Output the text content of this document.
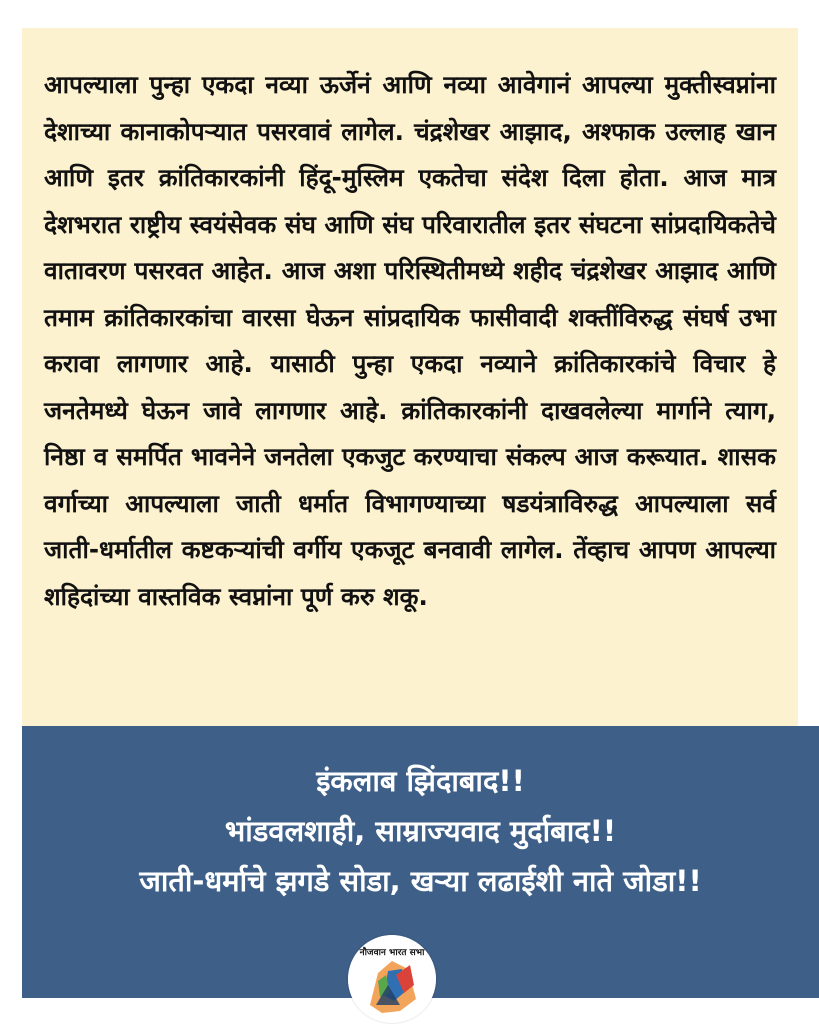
आपल्याला पुन्हा एकदा नव्या ऊर्जेनं आणि नव्या आवेगानं आपल्या मुक्तीस्वप्नांना देशाच्या कानाकोपऱ्यात पसरवावं लागेल. चंद्रशेखर आझाद, अश्फाक उल्लाह खान आणि इतर क्रांतिकारकांनी हिंदू-मुस्लिम एकतेचा संदेश दिला होता. आज मात्र देशभरात राष्ट्रीय स्वयंसेवक संघ आणि संघ परिवारातील इतर संघटना सांप्रदायिकतेचे वातावरण पसरवत आहेत. आज अशा परिस्थितीमध्ये शहीद चंद्रशेखर आझाद आणि तमाम क्रांतिकारकांचा वारसा घेऊन सांप्रदायिक फासीवादी शक्तींविरुद्ध संघर्ष उभा करावा लागणार आहे. यासाठी पुन्हा एकदा नव्याने क्रांतिकारकांचे विचार हे जनतेमध्ये घेऊन जावे लागणार आहे. क्रांतिकारकांनी दाखवलेल्या मार्गाने त्याग, निष्ठा व समर्पित भावनेने जनतेला एकजुट करण्याचा संकल्प आज करूयात. शासक वर्गाच्या आपल्याला जाती धर्मात विभागण्याच्या षडयंत्राविरुद्ध आपल्याला सर्व जाती-धर्मातील कष्टकऱ्यांची वर्गीय एकजूट बनवावी लागेल. तेंव्हाच आपण आपल्या शहिदांच्या वास्तविक स्वप्नांना पूर्ण करु शकू.

इंकलाब झिंदाबाद!!
भांडवलशाही, साम्राज्यवाद मुर्दाबाद!!
जाती-धर्माचे झगडे सोडा, खऱ्या लढाईशी नाते जोडा!!
नौजवान भारत सभा
